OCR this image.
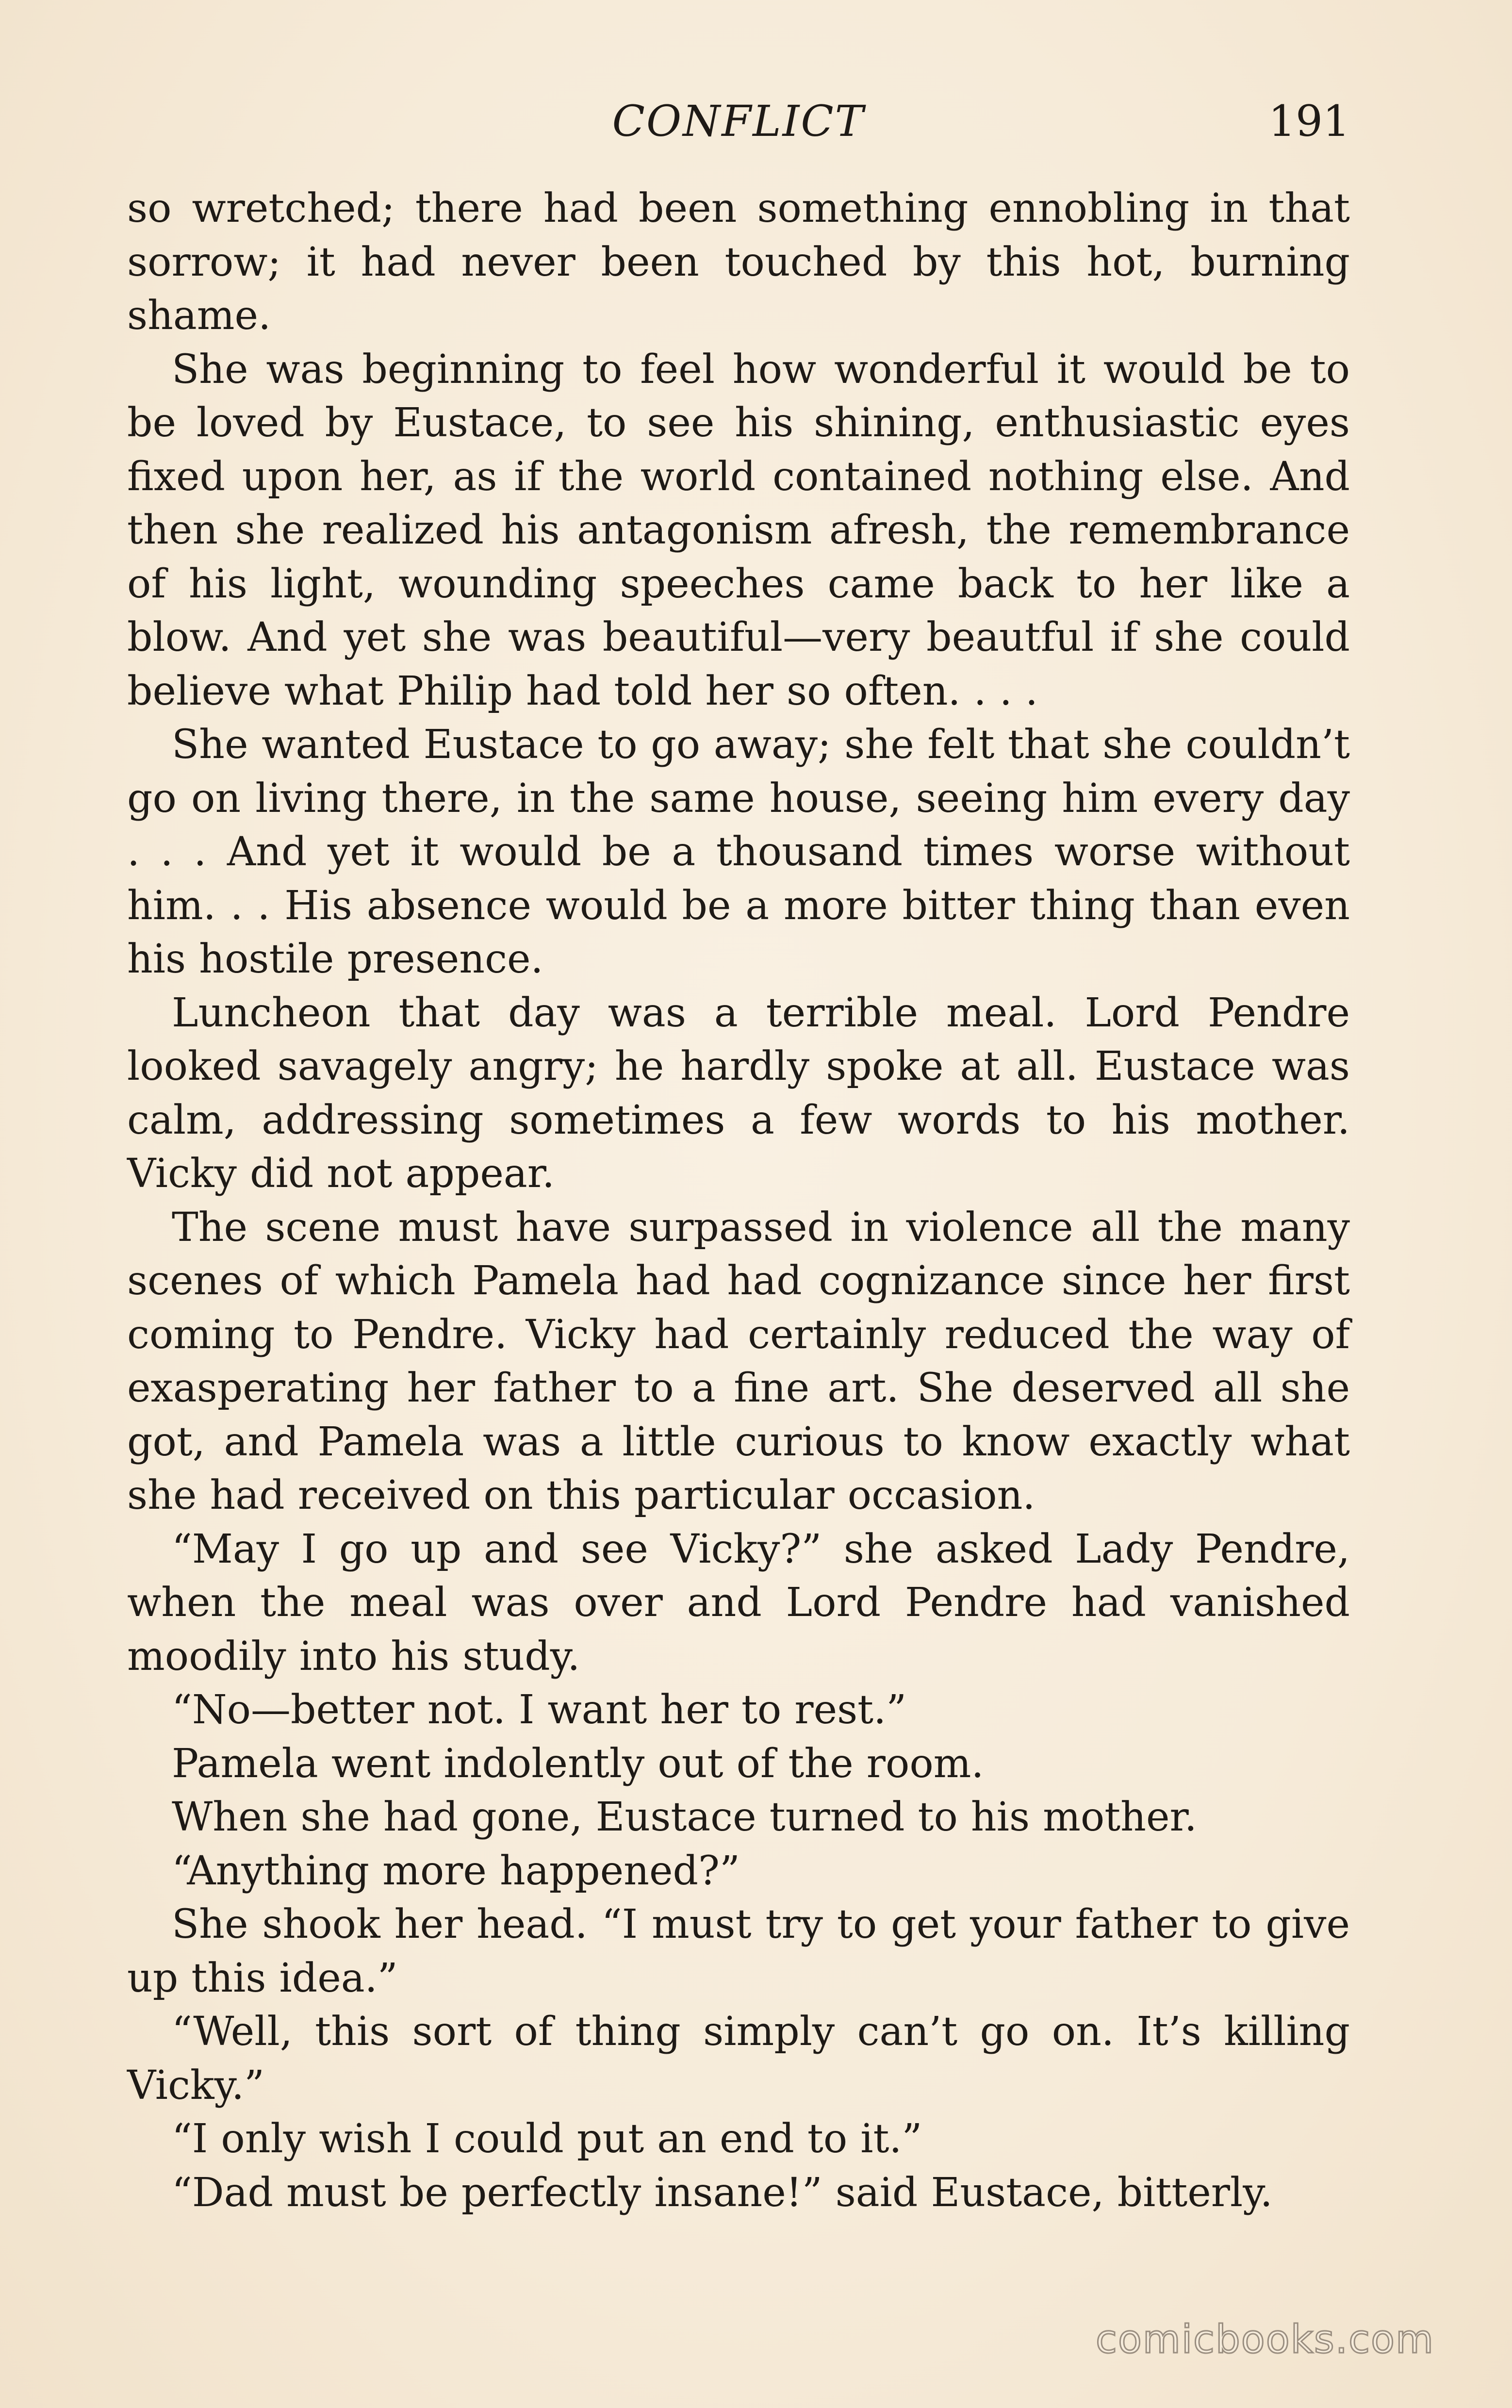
CONFLICT	191

so wretched; there had been something ennobling in that sorrow; it had never been touched by this hot, burning shame.

She was beginning to feel how wonderful it would be to be loved by Eustace, to see his shining, enthusiastic eyes fixed upon her, as if the world contained nothing else. And then she realized his antagonism afresh, the remembrance of his light, wounding speeches came back to her like a blow. And yet she was beautiful—very beautful if she could believe what Philip had told her so often. . . .

She wanted Eustace to go away; she felt that she couldn’t go on living there, in the same house, seeing him every day . . . And yet it would be a thousand times worse without him. . . His absence would be a more bitter thing than even his hostile presence.

Luncheon that day was a terrible meal. Lord Pendre looked savagely angry; he hardly spoke at all. Eustace was calm, addressing sometimes a few words to his mother. Vicky did not appear.

The scene must have surpassed in violence all the many scenes of which Pamela had had cognizance since her first coming to Pendre. Vicky had certainly reduced the way of exasperating her father to a fine art. She deserved all she got, and Pamela was a little curious to know exactly what she had received on this particular occasion.

“May I go up and see Vicky?” she asked Lady Pendre, when the meal was over and Lord Pendre had vanished moodily into his study.

“No—better not. I want her to rest.”

Pamela went indolently out of the room.

When she had gone, Eustace turned to his mother.

“Anything more happened?”

She shook her head. “I must try to get your father to give up this idea.”

“Well, this sort of thing simply can’t go on. It’s killing Vicky.”

“I only wish I could put an end to it.”

“Dad must be perfectly insane!” said Eustace, bitterly.

comicbooks.com
